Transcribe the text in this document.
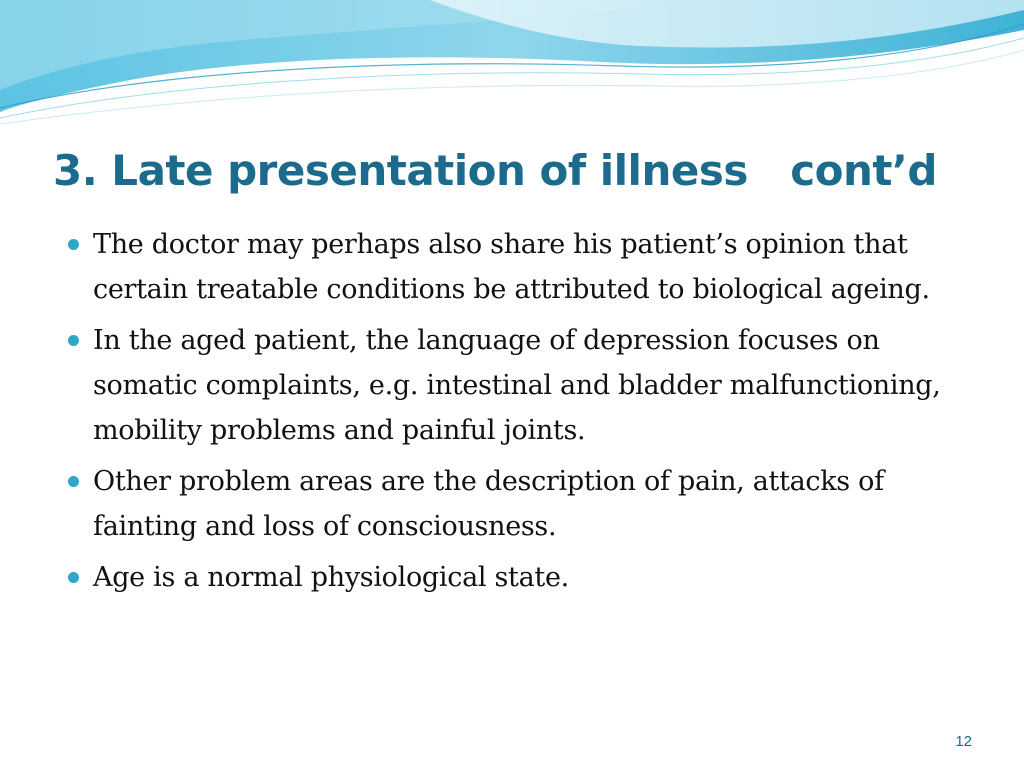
3. Late presentation of illness   cont’d
The doctor may perhaps also share his patient’s opinion that certain treatable conditions be attributed to biological ageing.
In the aged patient, the language of depression focuses on somatic complaints, e.g. intestinal and bladder malfunctioning, mobility problems and painful joints.
Other problem areas are the description of pain, attacks of fainting and loss of consciousness.
Age is a normal physiological state.
12
